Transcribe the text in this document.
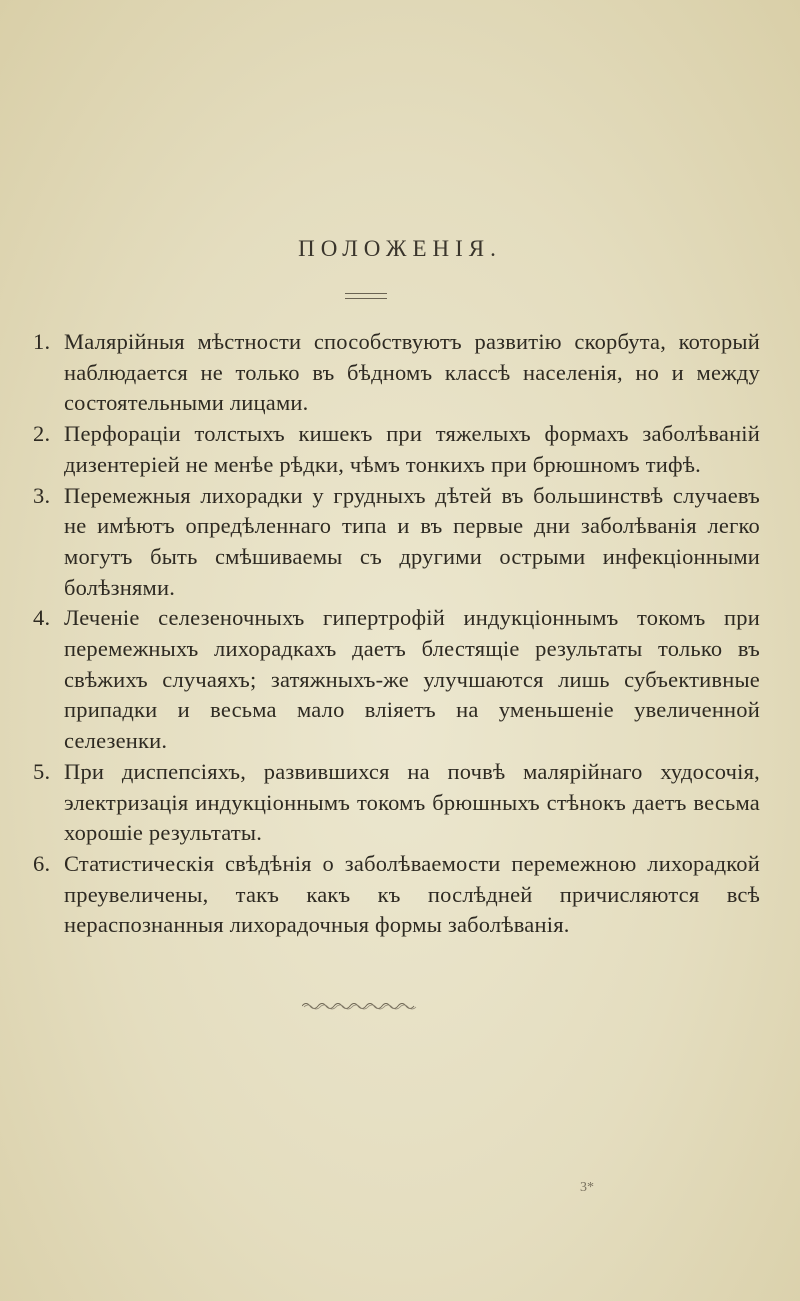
ПОЛОЖЕНІЯ.
1. Малярійныя мѣстности способствуютъ развитію скорбута, который наблюдается не только въ бѣдномъ классѣ населенія, но и между состоятельными лицами.
2. Перфораціи толстыхъ кишекъ при тяжелыхъ формахъ заболѣваній дизентеріей не менѣе рѣдки, чѣмъ тонкихъ при брюшномъ тифѣ.
3. Перемежныя лихорадки у грудныхъ дѣтей въ большинствѣ случаевъ не имѣютъ опредѣленнаго типа и въ первые дни заболѣванія легко могутъ быть смѣшиваемы съ другими острыми инфекціонными болѣзнями.
4. Леченіе селезеночныхъ гипертрофій индукціоннымъ токомъ при перемежныхъ лихорадкахъ даетъ блестящіе результаты только въ свѣжихъ случаяхъ; затяжныхъ-же улучшаются лишь субъективные припадки и весьма мало вліяетъ на уменьшеніе увеличенной селезенки.
5. При диспепсіяхъ, развившихся на почвѣ малярійнаго худосочія, электризація индукціоннымъ токомъ брюшныхъ стѣнокъ даетъ весьма хорошіе результаты.
6. Статистическія свѣдѣнія о заболѣваемости перемежною лихорадкой преувеличены, такъ какъ къ послѣдней причисляются всѣ нераспознанныя лихорадочныя формы заболѣванія.
3*
